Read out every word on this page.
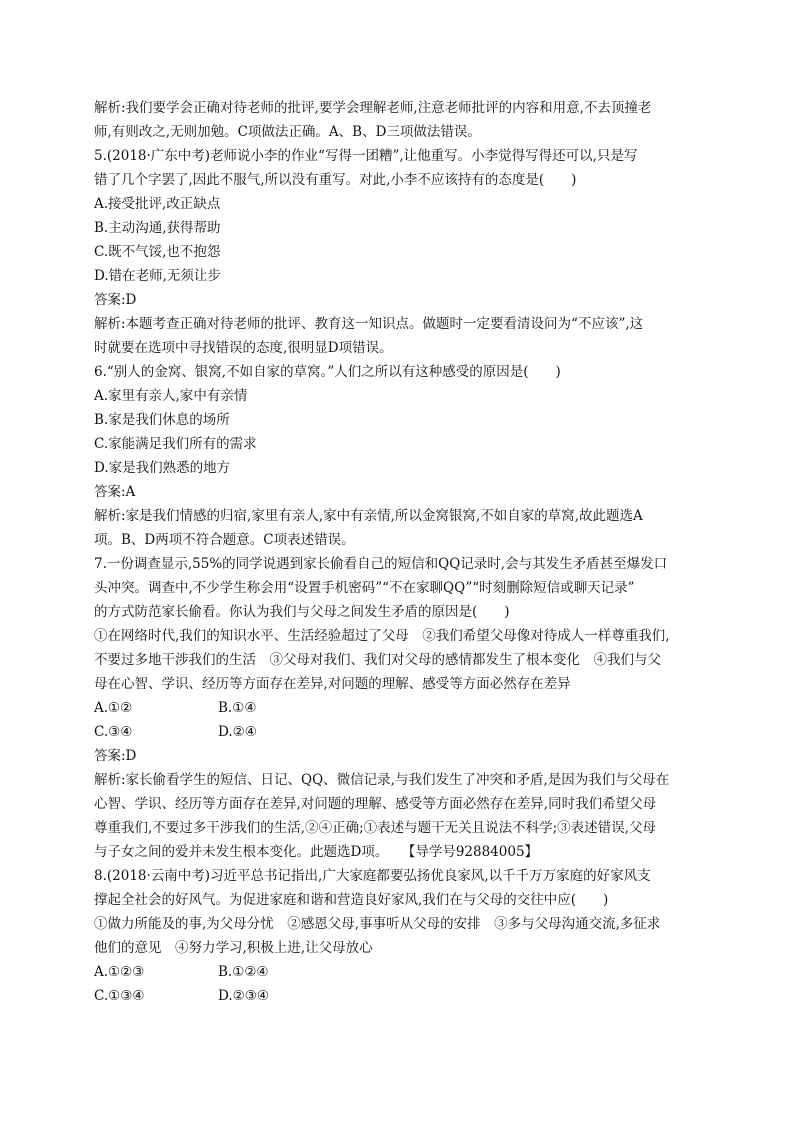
解析:我们要学会正确对待老师的批评,要学会理解老师,注意老师批评的内容和用意,不去顶撞老
师,有则改之,无则加勉。C项做法正确。A、B、D三项做法错误。

5.(2018·广东中考)老师说小李的作业“写得一团糟”,让他重写。小李觉得写得还可以,只是写
错了几个字罢了,因此不服气,所以没有重写。对此,小李不应该持有的态度是(　　)

A.接受批评,改正缺点

B.主动沟通,获得帮助

C.既不气馁,也不抱怨

D.错在老师,无须让步

答案:D

解析:本题考查正确对待老师的批评、教育这一知识点。做题时一定要看清设问为“不应该”,这
时就要在选项中寻找错误的态度,很明显D项错误。

6.“别人的金窝、银窝,不如自家的草窝。”人们之所以有这种感受的原因是(　　)

A.家里有亲人,家中有亲情

B.家是我们休息的场所

C.家能满足我们所有的需求

D.家是我们熟悉的地方

答案:A

解析:家是我们情感的归宿,家里有亲人,家中有亲情,所以金窝银窝,不如自家的草窝,故此题选A
项。B、D两项不符合题意。C项表述错误。

7.一份调查显示,55%的同学说遇到家长偷看自己的短信和QQ记录时,会与其发生矛盾甚至爆发口
头冲突。调查中,不少学生称会用“设置手机密码”“不在家聊QQ”“时刻删除短信或聊天记录”
的方式防范家长偷看。你认为我们与父母之间发生矛盾的原因是(　　)
①在网络时代,我们的知识水平、生活经验超过了父母　②我们希望父母像对待成人一样尊重我们,
不要过多地干涉我们的生活　③父母对我们、我们对父母的感情都发生了根本变化　④我们与父
母在心智、学识、经历等方面存在差异,对问题的理解、感受等方面必然存在差异

A.①②	B.①④

C.③④	D.②④

答案:D

解析:家长偷看学生的短信、日记、QQ、微信记录,与我们发生了冲突和矛盾,是因为我们与父母在
心智、学识、经历等方面存在差异,对问题的理解、感受等方面必然存在差异,同时我们希望父母
尊重我们,不要过多干涉我们的生活,②④正确;①表述与题干无关且说法不科学;③表述错误,父母
与子女之间的爱并未发生根本变化。此题选D项。　　【导学号92884005】

8.(2018·云南中考)习近平总书记指出,广大家庭都要弘扬优良家风,以千千万万家庭的好家风支
撑起全社会的好风气。为促进家庭和谐和营造良好家风,我们在与父母的交往中应(　　)
①做力所能及的事,为父母分忧　②感恩父母,事事听从父母的安排　③多与父母沟通交流,多征求
他们的意见　④努力学习,积极上进,让父母放心

A.①②③	B.①②④

C.①③④	D.②③④
